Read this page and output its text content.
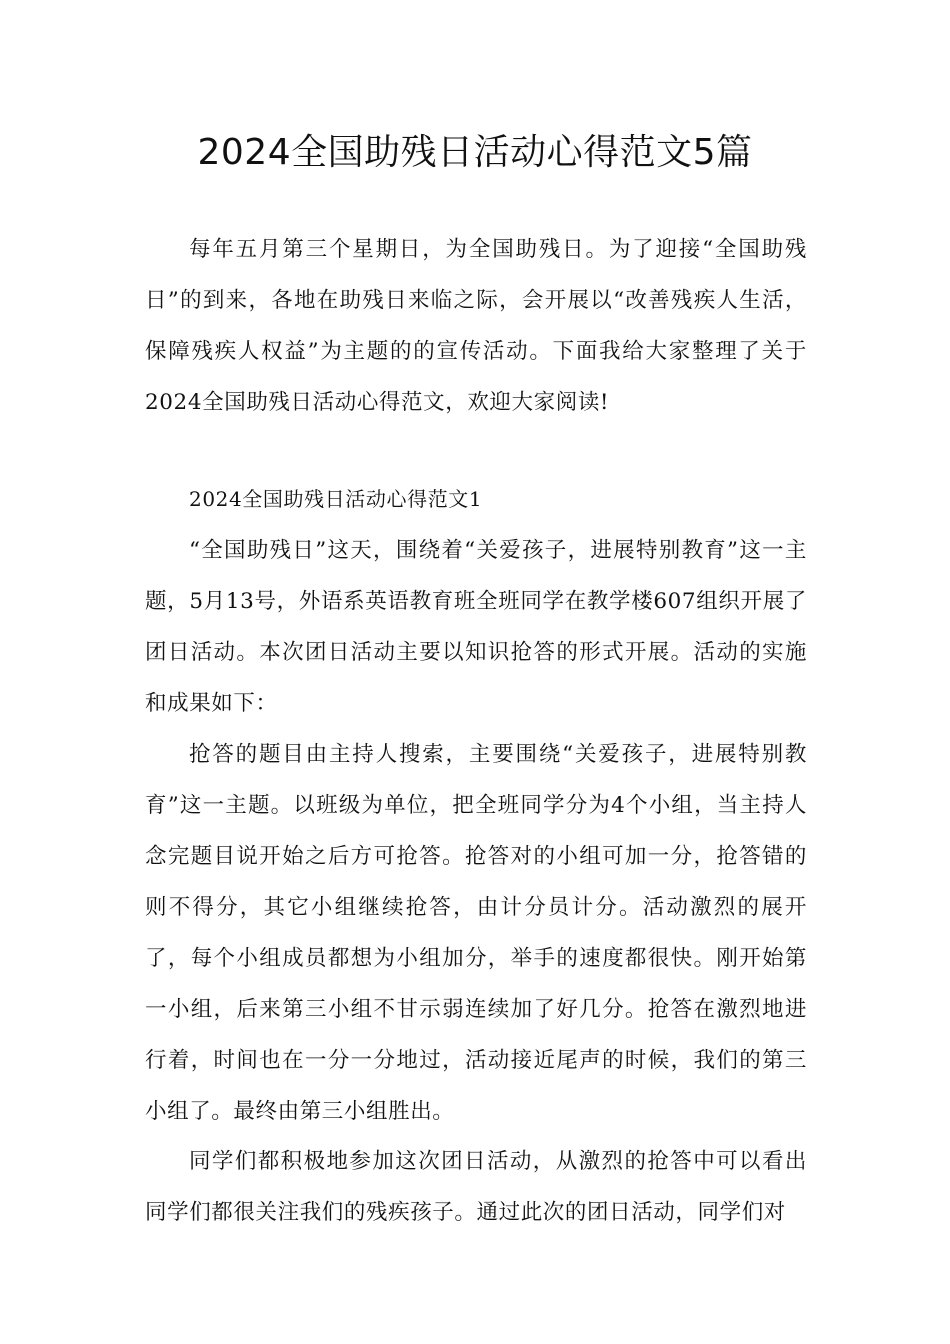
2024全国助残日活动心得范文5篇

每年五月第三个星期日，为全国助残日。为了迎接“全国助残日”的到来，各地在助残日来临之际，会开展以“改善残疾人生活，保障残疾人权益”为主题的的宣传活动。下面我给大家整理了关于2024全国助残日活动心得范文，欢迎大家阅读!

2024全国助残日活动心得范文1

“全国助残日”这天，围绕着“关爱孩子，进展特别教育”这一主题，5月13号，外语系英语教育班全班同学在教学楼607组织开展了团日活动。本次团日活动主要以知识抢答的形式开展。活动的实施和成果如下：

抢答的题目由主持人搜索，主要围绕“关爱孩子，进展特别教育”这一主题。以班级为单位，把全班同学分为4个小组，当主持人念完题目说开始之后方可抢答。抢答对的小组可加一分，抢答错的则不得分，其它小组继续抢答，由计分员计分。活动激烈的展开了，每个小组成员都想为小组加分，举手的速度都很快。刚开始第一小组，后来第三小组不甘示弱连续加了好几分。抢答在激烈地进行着，时间也在一分一分地过，活动接近尾声的时候，我们的第三小组了。最终由第三小组胜出。

同学们都积极地参加这次团日活动，从激烈的抢答中可以看出同学们都很关注我们的残疾孩子。通过此次的团日活动，同学们对
